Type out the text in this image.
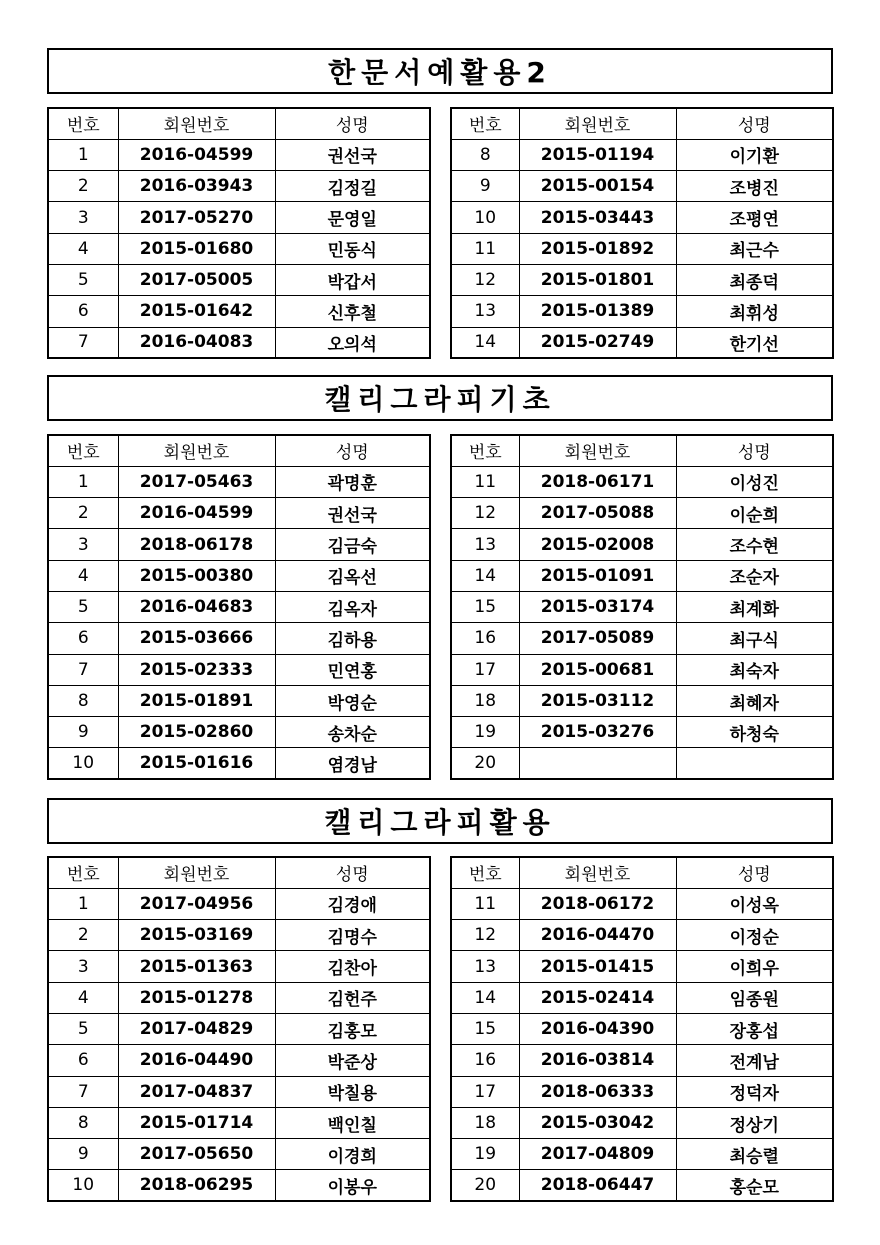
한문서예활용2
번호	회원번호	성명
1	2016-04599	권선국
2	2016-03943	김정길
3	2017-05270	문영일
4	2015-01680	민동식
5	2017-05005	박갑서
6	2015-01642	신후철
7	2016-04083	오의석
번호	회원번호	성명
8	2015-01194	이기환
9	2015-00154	조병진
10	2015-03443	조평연
11	2015-01892	최근수
12	2015-01801	최종덕
13	2015-01389	최휘성
14	2015-02749	한기선
캘리그라피기초
번호	회원번호	성명
1	2017-05463	곽명훈
2	2016-04599	권선국
3	2018-06178	김금숙
4	2015-00380	김옥선
5	2016-04683	김옥자
6	2015-03666	김하용
7	2015-02333	민연홍
8	2015-01891	박영순
9	2015-02860	송차순
10	2015-01616	염경남
번호	회원번호	성명
11	2018-06171	이성진
12	2017-05088	이순희
13	2015-02008	조수현
14	2015-01091	조순자
15	2015-03174	최계화
16	2017-05089	최구식
17	2015-00681	최숙자
18	2015-03112	최혜자
19	2015-03276	하청숙
20		
캘리그라피활용
번호	회원번호	성명
1	2017-04956	김경애
2	2015-03169	김명수
3	2015-01363	김찬아
4	2015-01278	김헌주
5	2017-04829	김홍모
6	2016-04490	박준상
7	2017-04837	박칠용
8	2015-01714	백인칠
9	2017-05650	이경희
10	2018-06295	이봉우
번호	회원번호	성명
11	2018-06172	이성옥
12	2016-04470	이정순
13	2015-01415	이희우
14	2015-02414	임종원
15	2016-04390	장홍섭
16	2016-03814	전계남
17	2018-06333	정덕자
18	2015-03042	정상기
19	2017-04809	최승렬
20	2018-06447	홍순모
